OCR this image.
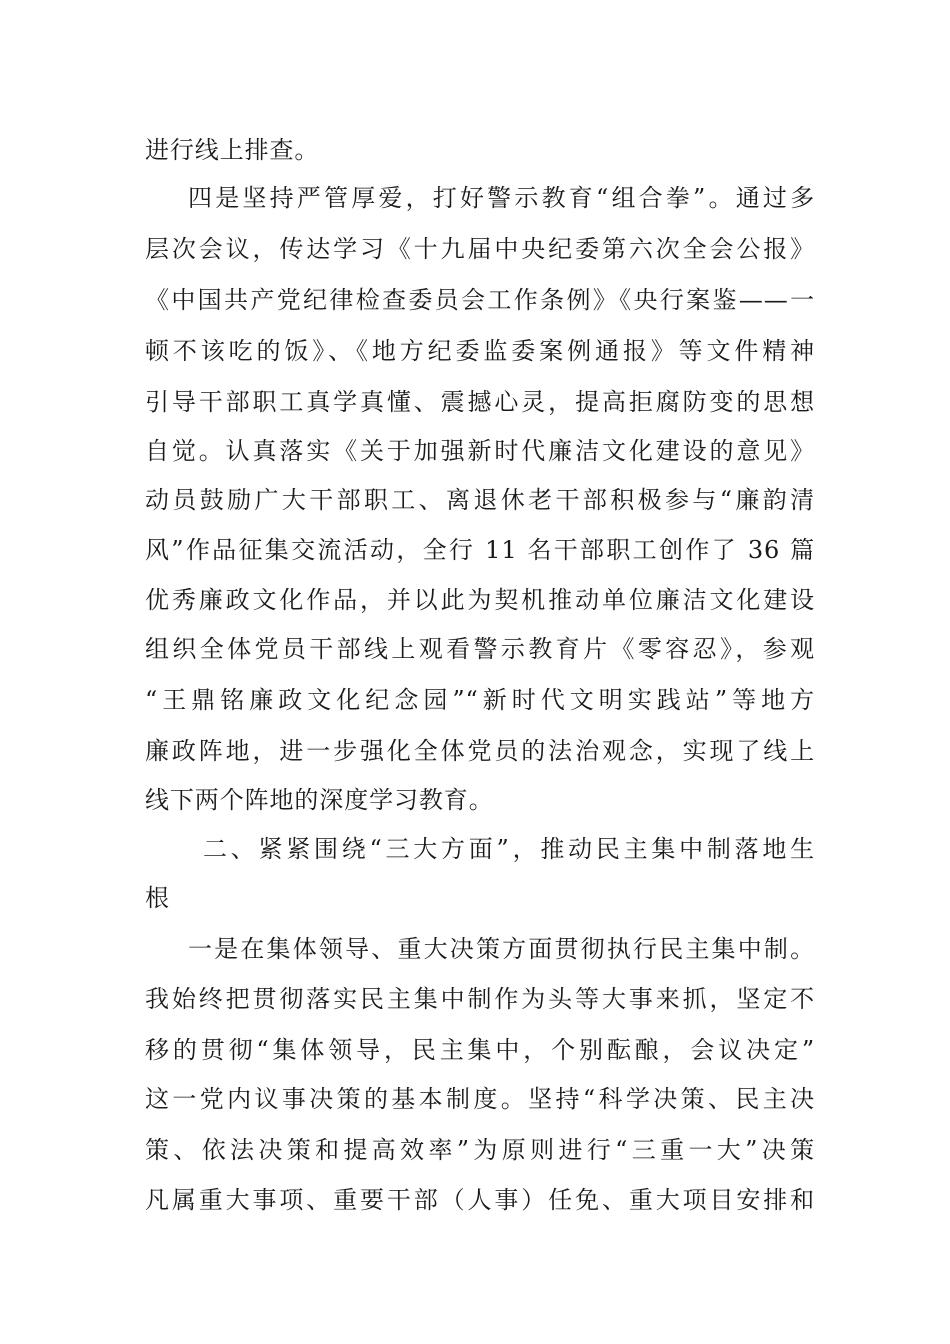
进行线上排查。
四是坚持严管厚爱，打好警示教育“组合拳”。通过多
层次会议，传达学习《十九届中央纪委第六次全会公报》
《中国共产党纪律检查委员会工作条例》《央行案鉴——一
顿不该吃的饭》、《地方纪委监委案例通报》等文件精神
引导干部职工真学真懂、震撼心灵，提高拒腐防变的思想
自觉。认真落实《关于加强新时代廉洁文化建设的意见》
动员鼓励广大干部职工、离退休老干部积极参与“廉韵清
风”作品征集交流活动，全行 11 名干部职工创作了 36 篇
优秀廉政文化作品，并以此为契机推动单位廉洁文化建设
组织全体党员干部线上观看警示教育片《零容忍》，参观
“王鼎铭廉政文化纪念园”“新时代文明实践站”等地方
廉政阵地，进一步强化全体党员的法治观念，实现了线上
线下两个阵地的深度学习教育。
二、紧紧围绕“三大方面”，推动民主集中制落地生
根
一是在集体领导、重大决策方面贯彻执行民主集中制。
我始终把贯彻落实民主集中制作为头等大事来抓，坚定不
移的贯彻“集体领导，民主集中，个别酝酿，会议决定”
这一党内议事决策的基本制度。坚持“科学决策、民主决
策、依法决策和提高效率”为原则进行“三重一大”决策
凡属重大事项、重要干部（人事）任免、重大项目安排和
